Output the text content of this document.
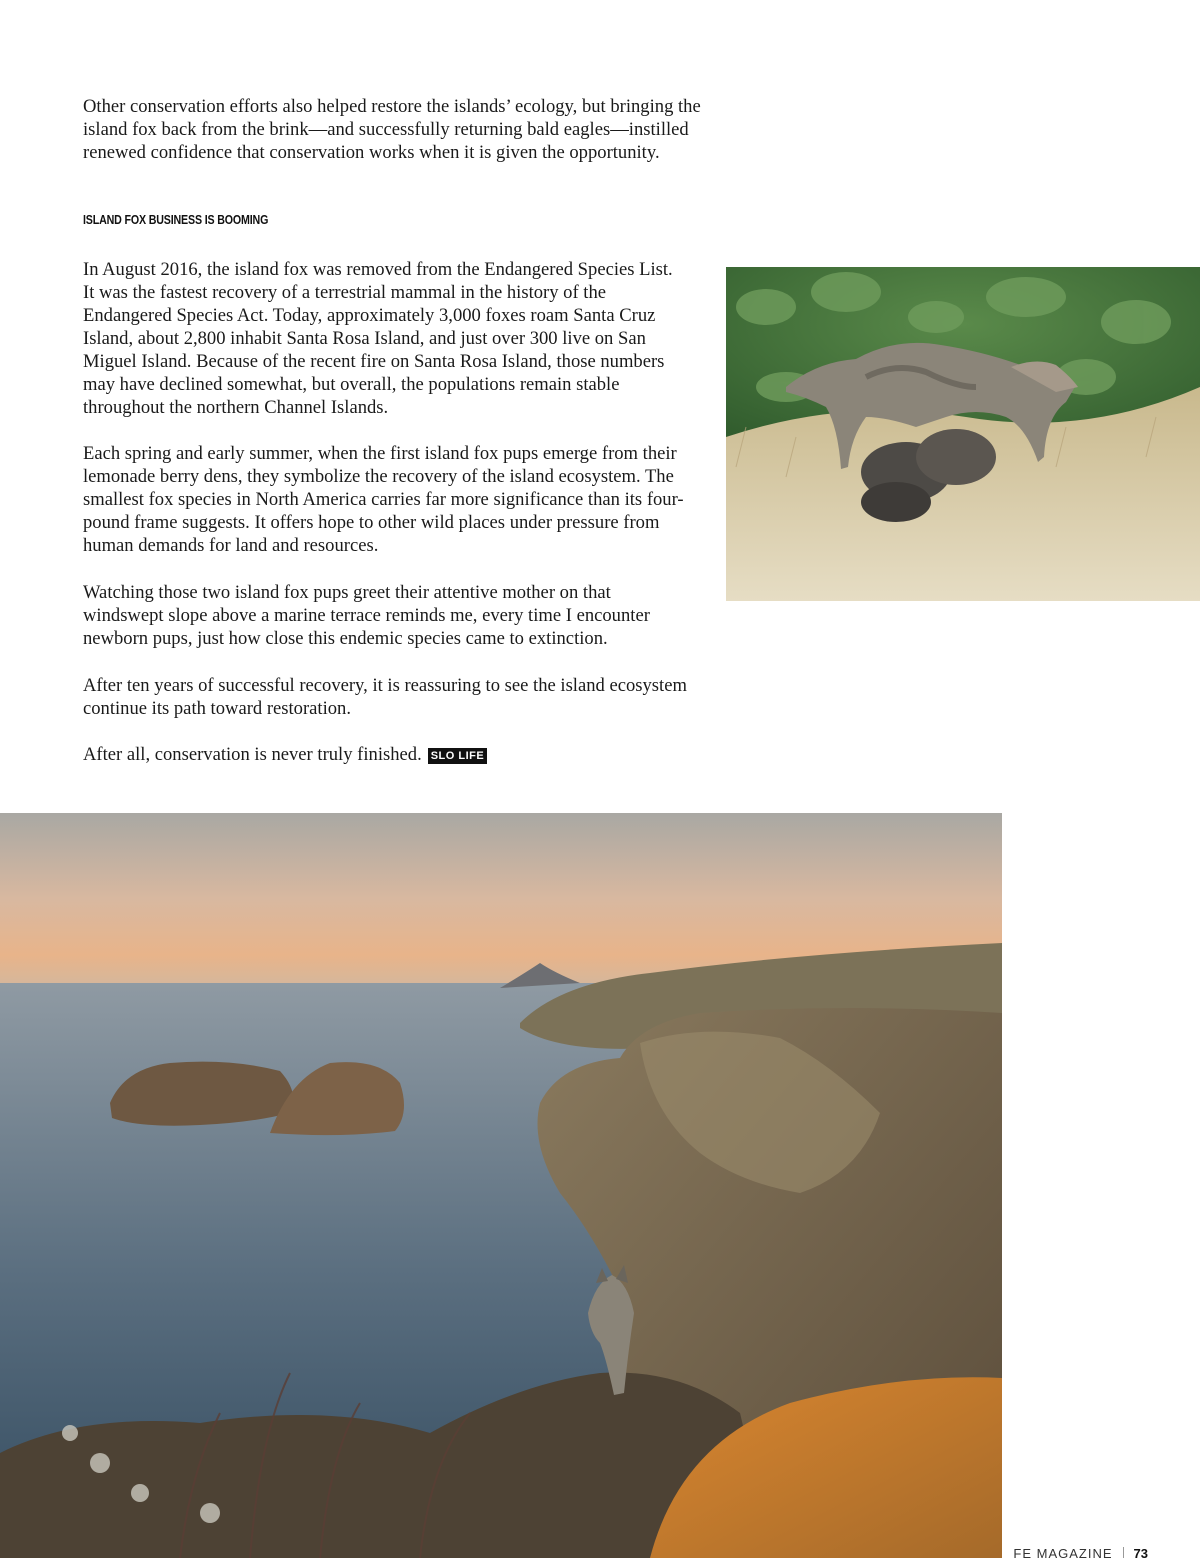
Other conservation efforts also helped restore the islands’ ecology, but bringing the island fox back from the brink—and successfully returning bald eagles—instilled renewed confidence that conservation works when it is given the opportunity.

ISLAND FOX BUSINESS IS BOOMING

In August 2016, the island fox was removed from the Endangered Species List. It was the fastest recovery of a terrestrial mammal in the history of the Endangered Species Act. Today, approximately 3,000 foxes roam Santa Cruz Island, about 2,800 inhabit Santa Rosa Island, and just over 300 live on San Miguel Island. Because of the recent fire on Santa Rosa Island, those numbers may have declined somewhat, but overall, the populations remain stable throughout the northern Channel Islands.

Each spring and early summer, when the first island fox pups emerge from their lemonade berry dens, they symbolize the recovery of the island ecosystem. The smallest fox species in North America carries far more significance than its four-pound frame suggests. It offers hope to other wild places under pressure from human demands for land and resources.

Watching those two island fox pups greet their attentive mother on that windswept slope above a marine terrace reminds me, every time I encounter newborn pups, just how close this endemic species came to extinction.

After ten years of successful recovery, it is reassuring to see the island ecosystem continue its path toward restoration.

After all, conservation is never truly finished. SLO LIFE

FE MAGAZINE 73
